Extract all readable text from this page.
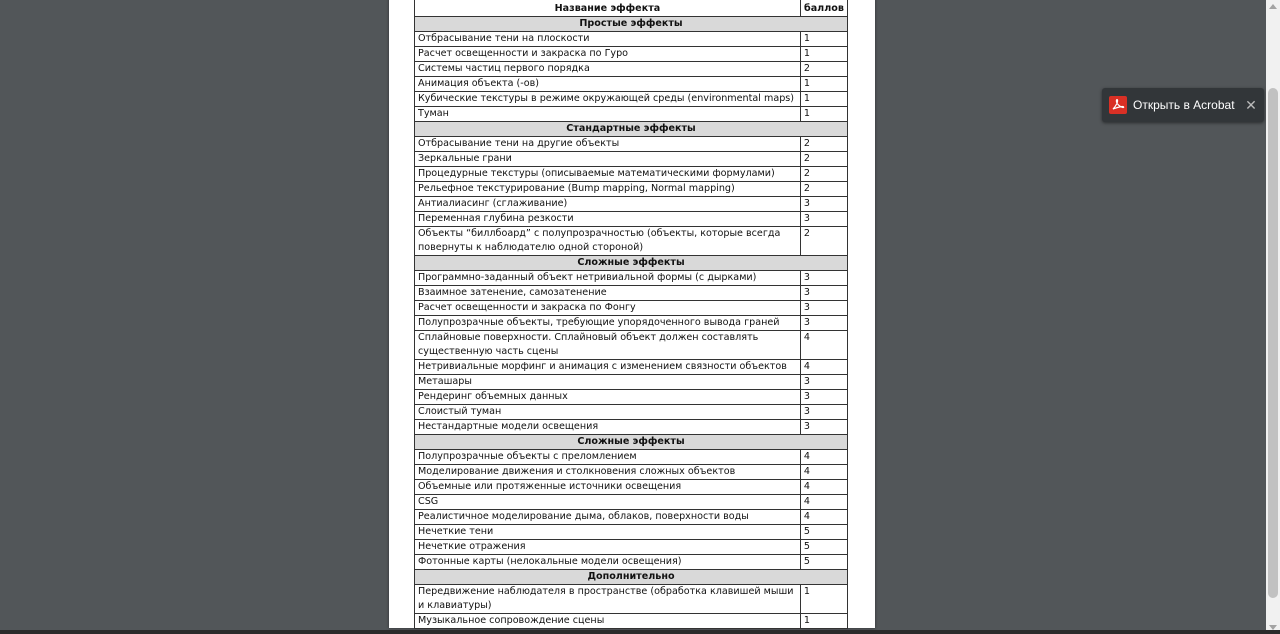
Название эффекта	баллов
Простые эффекты	
Отбрасывание тени на плоскости	1
Расчет освещенности и закраска по Гуро	1
Системы частиц первого порядка	2
Анимация объекта (-ов)	1
Кубические текстуры в режиме окружающей среды (environmental maps)	1
Туман	1
Стандартные эффекты	
Отбрасывание тени на другие объекты	2
Зеркальные грани	2
Процедурные текстуры (описываемые математическими формулами)	2
Рельефное текстурирование (Bump mapping, Normal mapping)	2
Антиалиасинг (сглаживание)	3
Переменная глубина резкости	3
Объекты “биллбоард” с полупрозрачностью (объекты, которые всегда повернуты к наблюдателю одной стороной)	2
Сложные эффекты	
Программно-заданный объект нетривиальной формы (с дырками)	3
Взаимное затенение, самозатенение	3
Расчет освещенности и закраска по Фонгу	3
Полупрозрачные объекты, требующие упорядоченного вывода граней	3
Сплайновые поверхности. Сплайновый объект должен составлять существенную часть сцены	4
Нетривиальные морфинг и анимация с изменением связности объектов	4
Меташары	3
Рендеринг объемных данных	3
Слоистый туман	3
Нестандартные модели освещения	3
Сложные эффекты	
Полупрозрачные объекты с преломлением	4
Моделирование движения и столкновения сложных объектов	4
Объемные или протяженные источники освещения	4
CSG	4
Реалистичное моделирование дыма, облаков, поверхности воды	4
Нечеткие тени	5
Нечеткие отражения	5
Фотонные карты (нелокальные модели освещения)	5
Дополнительно	
Передвижение наблюдателя в пространстве (обработка клавишей мыши и клавиатуры)	1
Музыкальное сопровождение сцены	1
Открыть в Acrobat ✕
